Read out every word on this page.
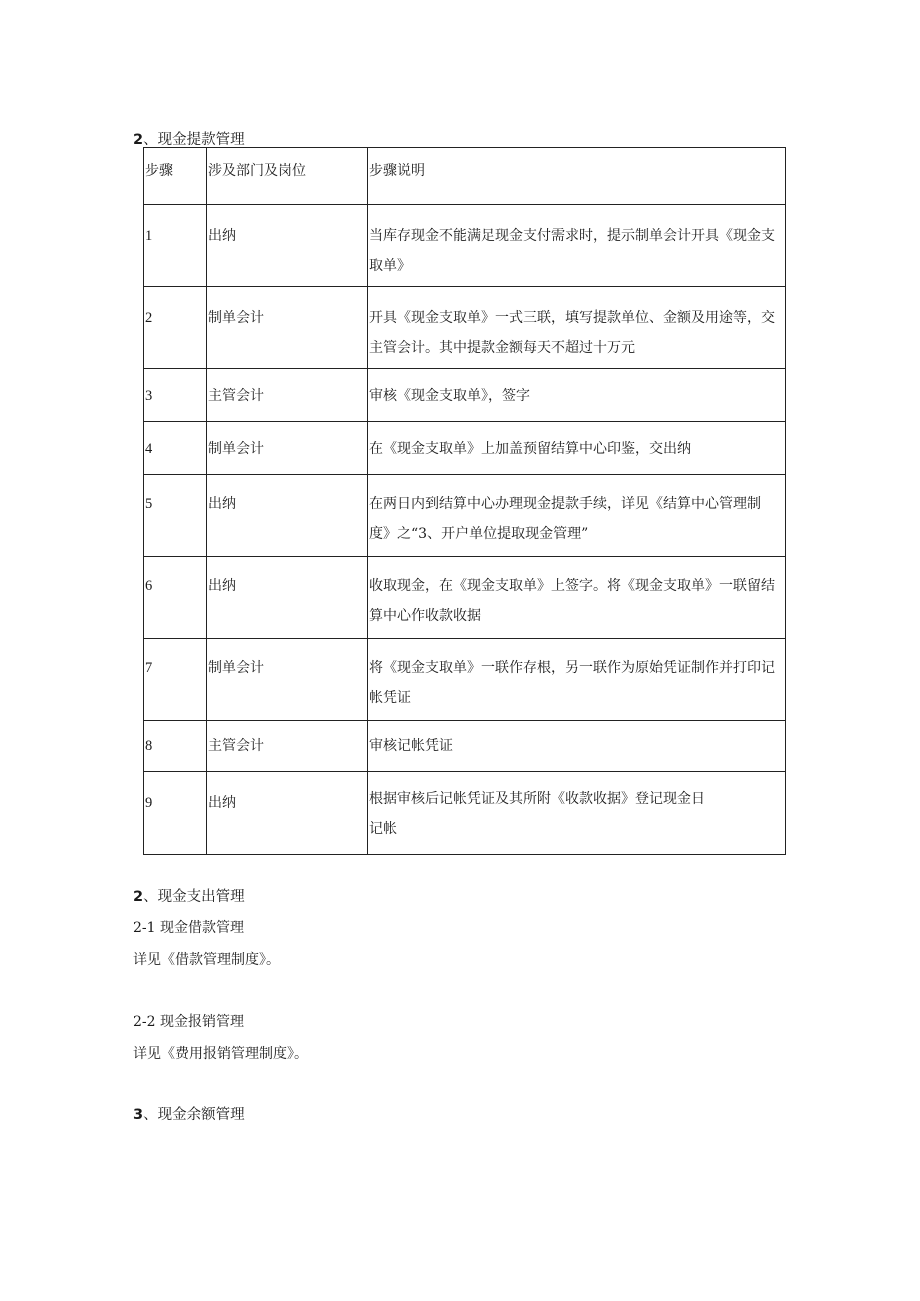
2、现金提款管理
步骤	涉及部门及岗位	步骤说明

1	出纳	当库存现金不能满足现金支付需求时，提示制单会计开具《现金支取单》

2	制单会计	开具《现金支取单》一式三联，填写提款单位、金额及用途等，交主管会计。其中提款金额每天不超过十万元

3	主管会计	审核《现金支取单》，签字

4	制单会计	在《现金支取单》上加盖预留结算中心印鉴，交出纳

5	出纳	在两日内到结算中心办理现金提款手续，详见《结算中心管理制度》之“3、开户单位提取现金管理”

6	出纳	收取现金，在《现金支取单》上签字。将《现金支取单》一联留结算中心作收款收据

7	制单会计	将《现金支取单》一联作存根，另一联作为原始凭证制作并打印记帐凭证

8	主管会计	审核记帐凭证

9	出纳	根据审核后记帐凭证及其所附《收款收据》登记现金日
记帐
2、现金支出管理
2-1 现金借款管理
详见《借款管理制度》。
2-2 现金报销管理
详见《费用报销管理制度》。
3、现金余额管理
